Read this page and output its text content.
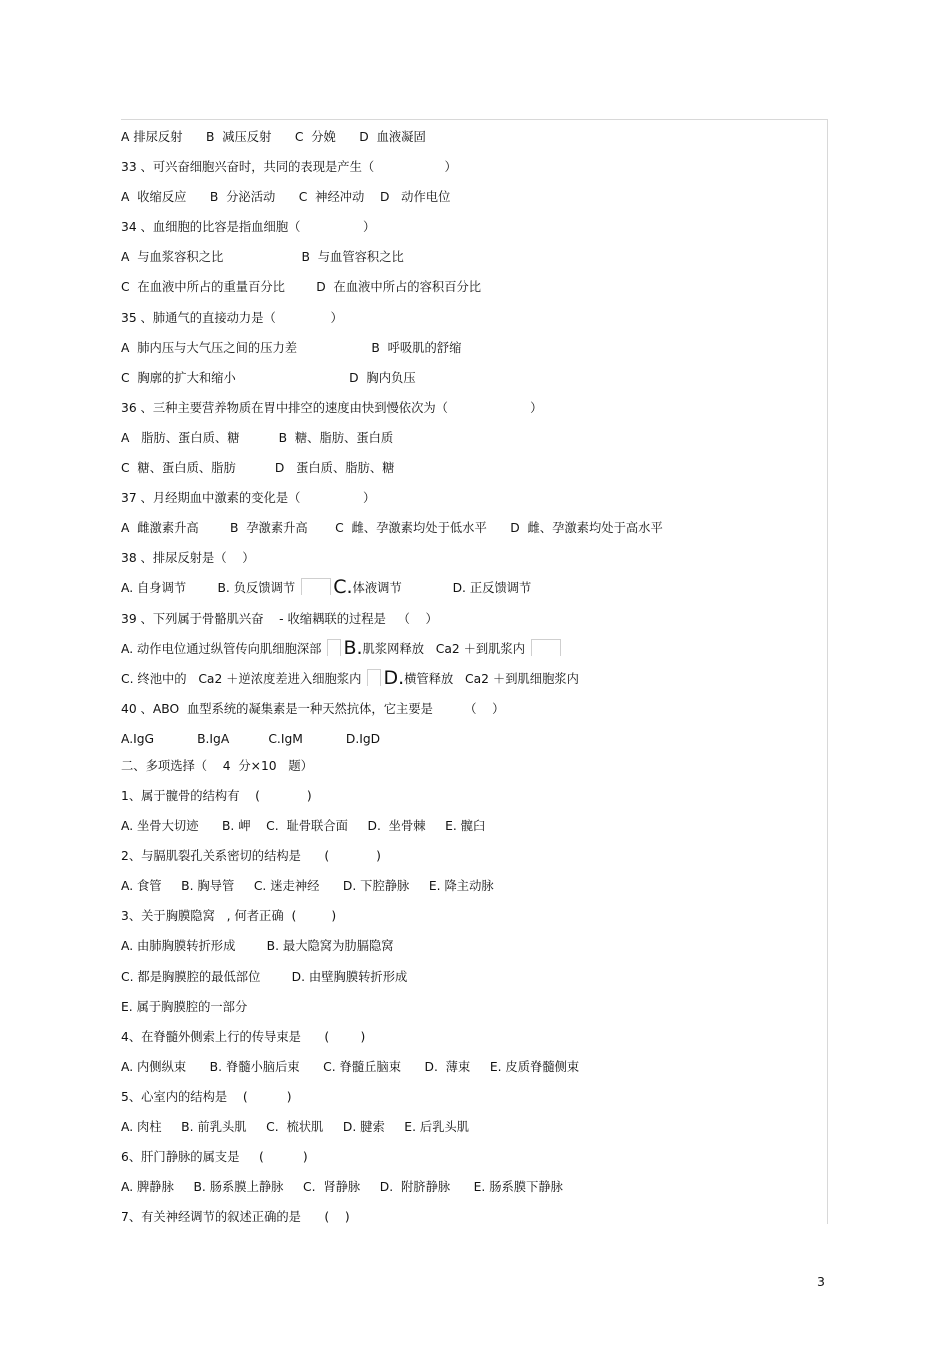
A 排尿反射      B  减压反射      C  分娩      D  血液凝固
33 、可兴奋细胞兴奋时，共同的表现是产生（                  ）
A  收缩反应      B  分泌活动      C  神经冲动    D   动作电位
34 、血细胞的比容是指血细胞（                ）
A  与血浆容积之比                    B  与血管容积之比
C  在血液中所占的重量百分比        D  在血液中所占的容积百分比
35 、肺通气的直接动力是（              ）
A  肺内压与大气压之间的压力差                   B  呼吸肌的舒缩
C  胸廓的扩大和缩小                             D  胸内负压
36 、三种主要营养物质在胃中排空的速度由快到慢依次为（                     ）
A   脂肪、蛋白质、糖          B  糖、脂肪、蛋白质
C  糖、蛋白质、脂肪          D   蛋白质、脂肪、糖
37 、月经期血中激素的变化是（                ）
A  雌激素升高        B  孕激素升高       C  雌、孕激素均处于低水平      D  雌、孕激素均处于高水平
38 、排尿反射是（    ）
A. 自身调节	B. 负反馈调节 C.体液调节	D. 正反馈调节
39 、下列属于骨骼肌兴奋    - 收缩耦联的过程是   （    ）
A. 动作电位通过纵管传向肌细胞深部 B.肌浆网释放   Ca2 ＋到肌浆内
C. 终池中的   Ca2 ＋逆浓度差进入细胞浆内 D.横管释放   Ca2 ＋到肌细胞浆内
40 、ABO  血型系统的凝集素是一种天然抗体，它主要是        （    ）
A.IgG           B.IgA          C.IgM           D.IgD
二、多项选择（    4  分×10   题）
1、属于髋骨的结构有    (            )
A. 坐骨大切迹      B. 岬    C.  耻骨联合面     D.  坐骨棘     E. 髋臼
2、与膈肌裂孔关系密切的结构是      (            )
A. 食管     B. 胸导管     C. 迷走神经      D. 下腔静脉     E. 降主动脉
3、关于胸膜隐窝   , 何者正确  (         )
A. 由肺胸膜转折形成        B. 最大隐窝为肋膈隐窝
C. 都是胸膜腔的最低部位        D. 由壁胸膜转折形成
E. 属于胸膜腔的一部分
4、在脊髓外侧索上行的传导束是      (        )
A. 内侧纵束      B. 脊髓小脑后束      C. 脊髓丘脑束      D.  薄束     E. 皮质脊髓侧束
5、心室内的结构是    (          )
A. 肉柱     B. 前乳头肌     C.  梳状肌     D. 腱索     E. 后乳头肌
6、肝门静脉的属支是     (          )
A. 脾静脉     B. 肠系膜上静脉     C.  肾静脉     D.  附脐静脉      E. 肠系膜下静脉
7、有关神经调节的叙述正确的是      (    )
3
